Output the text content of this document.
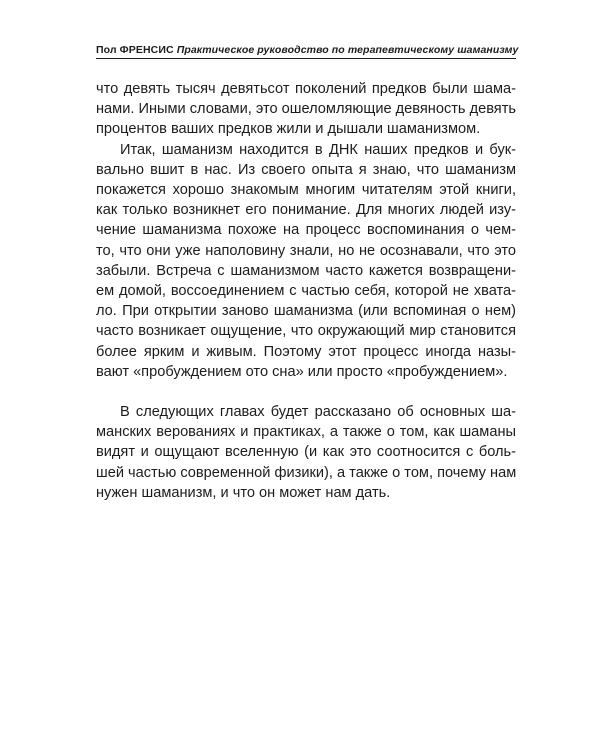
Пол ФРЕНСИС Практическое руководство по терапевтическому шаманизму

что девять тысяч девятьсот поколений предков были шама-
нами. Иными словами, это ошеломляющие девяность девять
процентов ваших предков жили и дышали шаманизмом.

Итак, шаманизм находится в ДНК наших предков и бук-
вально вшит в нас. Из своего опыта я знаю, что шаманизм
покажется хорошо знакомым многим читателям этой книги,
как только возникнет его понимание. Для многих людей изу-
чение шаманизма похоже на процесс воспоминания о чем-
то, что они уже наполовину знали, но не осознавали, что это
забыли. Встреча с шаманизмом часто кажется возвращени-
ем домой, воссоединением с частью себя, которой не хвата-
ло. При открытии заново шаманизма (или вспоминая о нем)
часто возникает ощущение, что окружающий мир становится
более ярким и живым. Поэтому этот процесс иногда назы-
вают «пробуждением ото сна» или просто «пробуждением».

В следующих главах будет рассказано об основных ша-
манских верованиях и практиках, а также о том, как шаманы
видят и ощущают вселенную (и как это соотносится с боль-
шей частью современной физики), а также о том, почему нам
нужен шаманизм, и что он может нам дать.
